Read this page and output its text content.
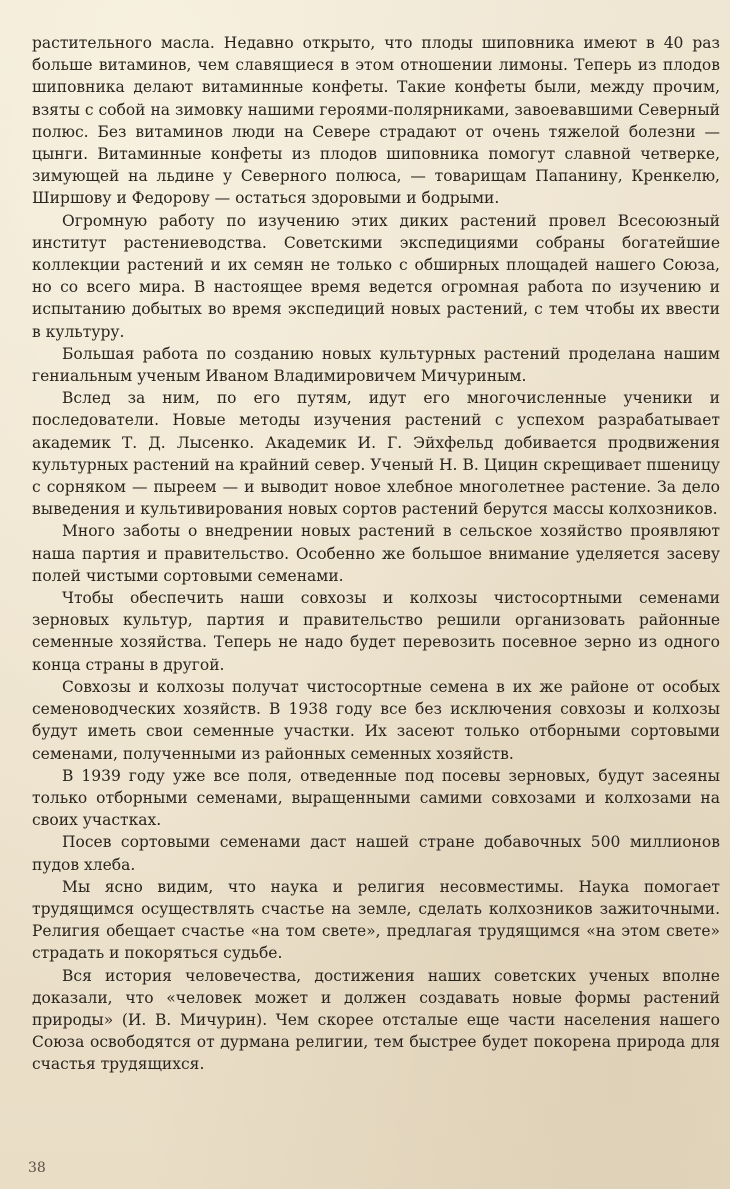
растительного масла. Недавно открыто, что плоды шиповника имеют в 40 раз больше витаминов, чем славящиеся в этом отношении лимоны. Теперь из плодов шиповника делают витаминные конфеты. Такие конфеты были, между прочим, взяты с собой на зимовку нашими героями-полярниками, завоевавшими Северный полюс. Без витаминов люди на Севере страдают от очень тяжелой болезни — цынги. Витаминные конфеты из плодов шиповника помогут славной четверке, зимующей на льдине у Северного полюса, — товарищам Папанину, Кренкелю, Ширшову и Федорову — остаться здоровыми и бодрыми.

Огромную работу по изучению этих диких растений провел Всесоюзный институт растениеводства. Советскими экспедициями собраны богатейшие коллекции растений и их семян не только с обширных площадей нашего Союза, но со всего мира. В настоящее время ведется огромная работа по изучению и испытанию добытых во время экспедиций новых растений, с тем чтобы их ввести в культуру.

Большая работа по созданию новых культурных растений проделана нашим гениальным ученым Иваном Владимировичем Мичуриным.

Вслед за ним, по его путям, идут его многочисленные ученики и последователи. Новые методы изучения растений с успехом разрабатывает академик Т. Д. Лысенко. Академик И. Г. Эйхфельд добивается продвижения культурных растений на крайний север. Ученый Н. В. Цицин скрещивает пшеницу с сорняком — пыреем — и выводит новое хлебное многолетнее растение. За дело выведения и культивирования новых сортов растений берутся массы колхозников.

Много заботы о внедрении новых растений в сельское хозяйство проявляют наша партия и правительство. Особенно же большое внимание уделяется засеву полей чистыми сортовыми семенами.

Чтобы обеспечить наши совхозы и колхозы чистосортными семенами зерновых культур, партия и правительство решили организовать районные семенные хозяйства. Теперь не надо будет перевозить посевное зерно из одного конца страны в другой.

Совхозы и колхозы получат чистосортные семена в их же районе от особых семеноводческих хозяйств. В 1938 году все без исключения совхозы и колхозы будут иметь свои семенные участки. Их засеют только отборными сортовыми семенами, полученными из районных семенных хозяйств.

В 1939 году уже все поля, отведенные под посевы зерновых, будут засеяны только отборными семенами, выращенными самими совхозами и колхозами на своих участках.

Посев сортовыми семенами даст нашей стране добавочных 500 миллионов пудов хлеба.

Мы ясно видим, что наука и религия несовместимы. Наука помогает трудящимся осуществлять счастье на земле, сделать колхозников зажиточными. Религия обещает счастье «на том свете», предлагая трудящимся «на этом свете» страдать и покоряться судьбе.

Вся история человечества, достижения наших советских ученых вполне доказали, что «человек может и должен создавать новые формы растений природы» (И. В. Мичурин). Чем скорее отсталые еще части населения нашего Союза освободятся от дурмана религии, тем быстрее будет покорена природа для счастья трудящихся.

38
